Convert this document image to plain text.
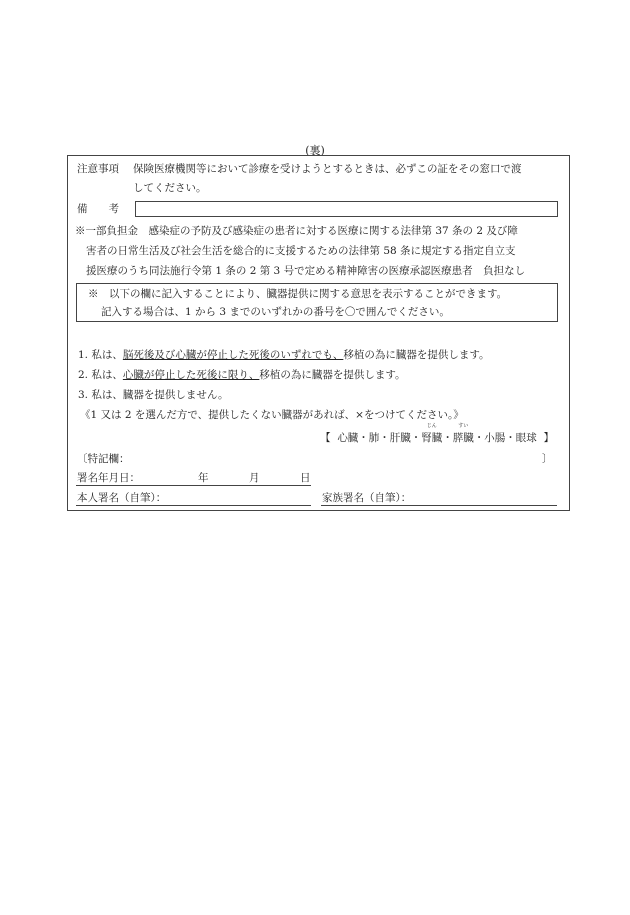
(裏)
注意事項 保険医療機関等において診療を受けようとするときは、必ずこの証をその窓口で渡
してください。
備　　考
※一部負担金　感染症の予防及び感染症の患者に対する医療に関する法律第 37 条の 2 及び障
害者の日常生活及び社会生活を総合的に支援するための法律第 58 条に規定する指定自立支
援医療のうち同法施行令第 1 条の 2 第 3 号で定める精神障害の医療承認医療患者　負担なし
※　以下の欄に記入することにより、臓器提供に関する意思を表示することができます。
記入する場合は、1 から 3 までのいずれかの番号を〇で囲んでください。
1. 私は、脳死後及び心臓が停止した死後のいずれでも、移植の為に臓器を提供します。
2. 私は、心臓が停止した死後に限り、移植の為に臓器を提供します。
3. 私は、臓器を提供しません。
《1 又は 2 を選んだ方で、提供したくない臓器があれば、×をつけてください。》
【 心臓・肺・肝臓・
じん
腎臓・
すい
膵臓・小腸・眼球 】
〔特記欄：	〕
署名年月日：	年	月	日
本人署名（自筆）：	家族署名（自筆）：
